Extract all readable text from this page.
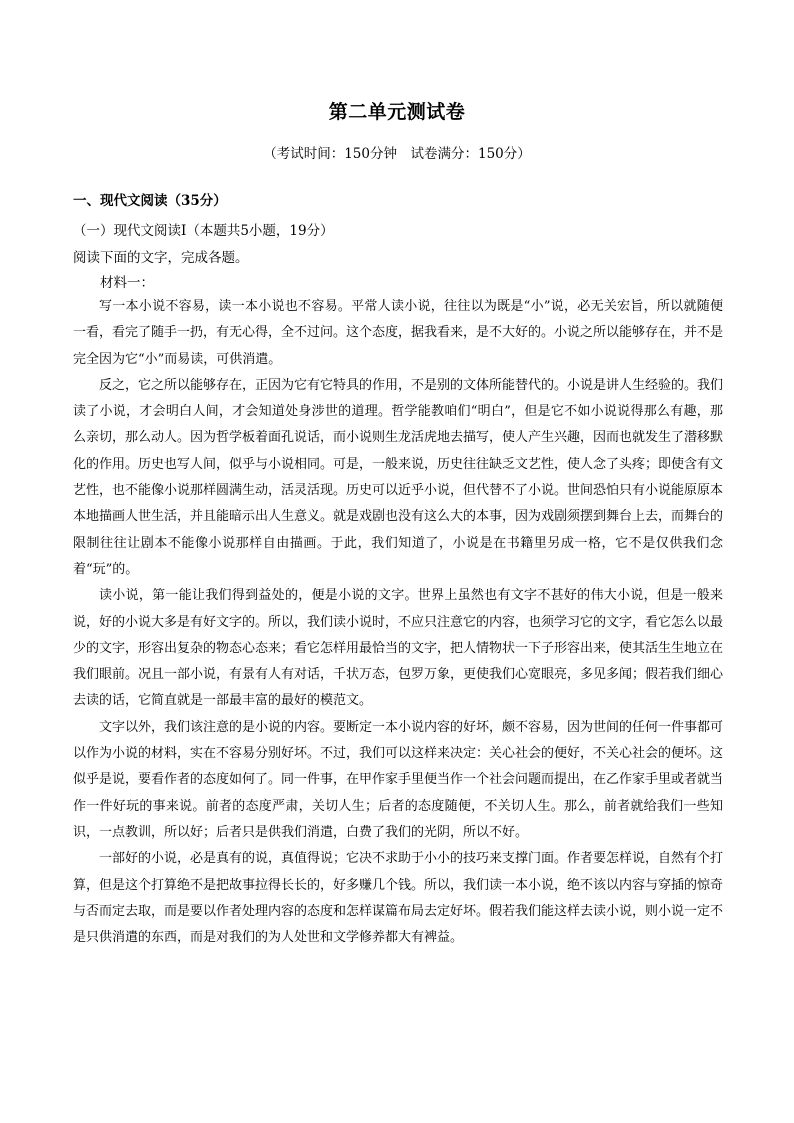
第二单元测试卷
（考试时间：150分钟　试卷满分：150分）
一、现代文阅读（35分）
（一）现代文阅读Ⅰ（本题共5小题，19分）
阅读下面的文字，完成各题。
材料一：

写一本小说不容易，读一本小说也不容易。平常人读小说，往往以为既是“小”说，必无关宏旨，所以就随便一看，看完了随手一扔，有无心得，全不过问。这个态度，据我看来，是不大好的。小说之所以能够存在，并不是完全因为它“小”而易读，可供消遣。

反之，它之所以能够存在，正因为它有它特具的作用，不是别的文体所能替代的。小说是讲人生经验的。我们读了小说，才会明白人间，才会知道处身涉世的道理。哲学能教咱们“明白”，但是它不如小说说得那么有趣，那么亲切，那么动人。因为哲学板着面孔说话，而小说则生龙活虎地去描写，使人产生兴趣，因而也就发生了潜移默化的作用。历史也写人间，似乎与小说相同。可是，一般来说，历史往往缺乏文艺性，使人念了头疼；即使含有文艺性，也不能像小说那样圆满生动，活灵活现。历史可以近乎小说，但代替不了小说。世间恐怕只有小说能原原本本地描画人世生活，并且能暗示出人生意义。就是戏剧也没有这么大的本事，因为戏剧须摆到舞台上去，而舞台的限制往往让剧本不能像小说那样自由描画。于此，我们知道了，小说是在书籍里另成一格，它不是仅供我们念着“玩”的。

读小说，第一能让我们得到益处的，便是小说的文字。世界上虽然也有文字不甚好的伟大小说，但是一般来说，好的小说大多是有好文字的。所以，我们读小说时，不应只注意它的内容，也须学习它的文字，看它怎么以最少的文字，形容出复杂的物态心态来；看它怎样用最恰当的文字，把人情物状一下子形容出来，使其活生生地立在我们眼前。况且一部小说，有景有人有对话，千状万态，包罗万象，更使我们心宽眼亮，多见多闻；假若我们细心去读的话，它简直就是一部最丰富的最好的模范文。

文字以外，我们该注意的是小说的内容。要断定一本小说内容的好坏，颇不容易，因为世间的任何一件事都可以作为小说的材料，实在不容易分别好坏。不过，我们可以这样来决定：关心社会的便好，不关心社会的便坏。这似乎是说，要看作者的态度如何了。同一件事，在甲作家手里便当作一个社会问题而提出，在乙作家手里或者就当作一件好玩的事来说。前者的态度严肃，关切人生；后者的态度随便，不关切人生。那么，前者就给我们一些知识，一点教训，所以好；后者只是供我们消遣，白费了我们的光阴，所以不好。

一部好的小说，必是真有的说，真值得说；它决不求助于小小的技巧来支撑门面。作者要怎样说，自然有个打算，但是这个打算绝不是把故事拉得长长的，好多赚几个钱。所以，我们读一本小说，绝不该以内容与穿插的惊奇与否而定去取，而是要以作者处理内容的态度和怎样谋篇布局去定好坏。假若我们能这样去读小说，则小说一定不是只供消遣的东西，而是对我们的为人处世和文学修养都大有裨益。
